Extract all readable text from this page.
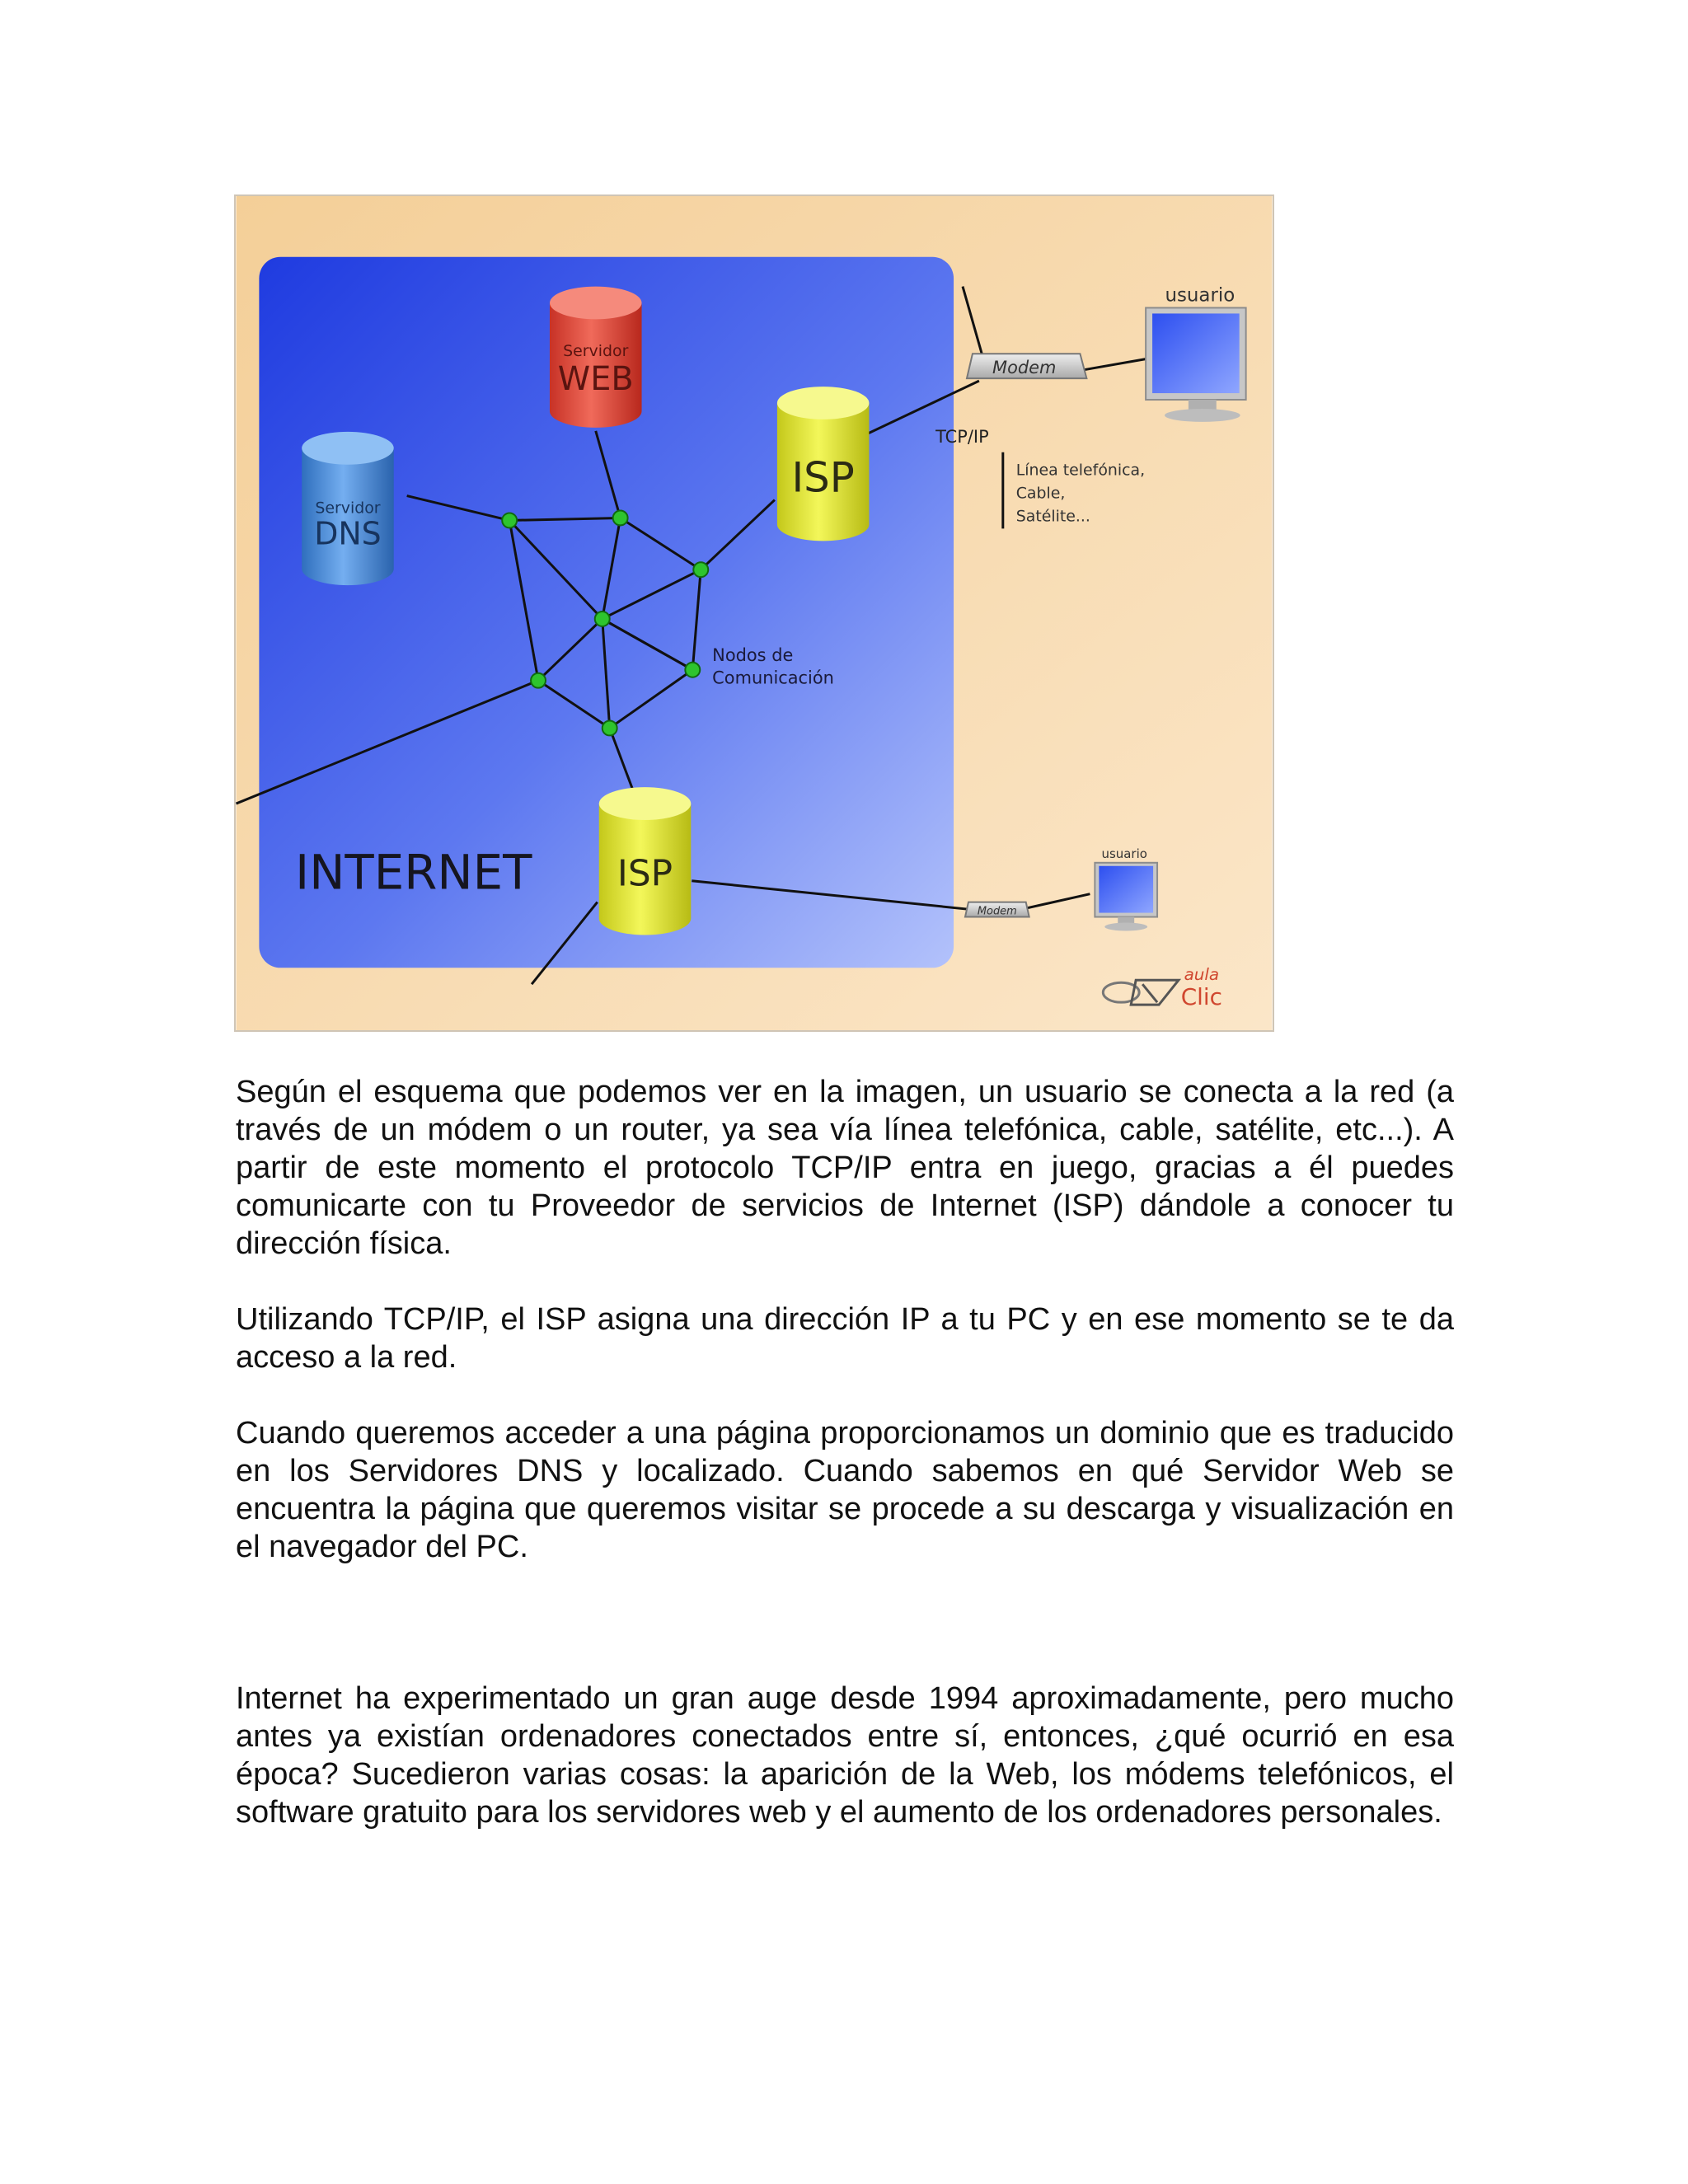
Servidor
WEB
Servidor
DNS
ISP
ISP
Nodos de
Comunicación
INTERNET
Modem
usuario
TCP/IP
Línea telefónica,
Cable,
Satélite...
Modem
usuario
aula
Clic

Según el esquema que podemos ver en la imagen, un usuario se conecta a la red (a través de un módem o un router, ya sea vía línea telefónica, cable, satélite, etc...). A partir de este momento el protocolo TCP/IP entra en juego, gracias a él puedes comunicarte con tu Proveedor de servicios de Internet (ISP) dándole a conocer tu dirección física.

Utilizando TCP/IP, el ISP asigna una dirección IP a tu PC y en ese momento se te da acceso a la red.

Cuando queremos acceder a una página proporcionamos un dominio que es traducido en los Servidores DNS y localizado. Cuando sabemos en qué Servidor Web se encuentra la página que queremos visitar se procede a su descarga y visualización en el navegador del PC.

Internet ha experimentado un gran auge desde 1994 aproximadamente, pero mucho antes ya existían ordenadores conectados entre sí, entonces, ¿qué ocurrió en esa época? Sucedieron varias cosas: la aparición de la Web, los módems telefónicos, el software gratuito para los servidores web y el aumento de los ordenadores personales.
